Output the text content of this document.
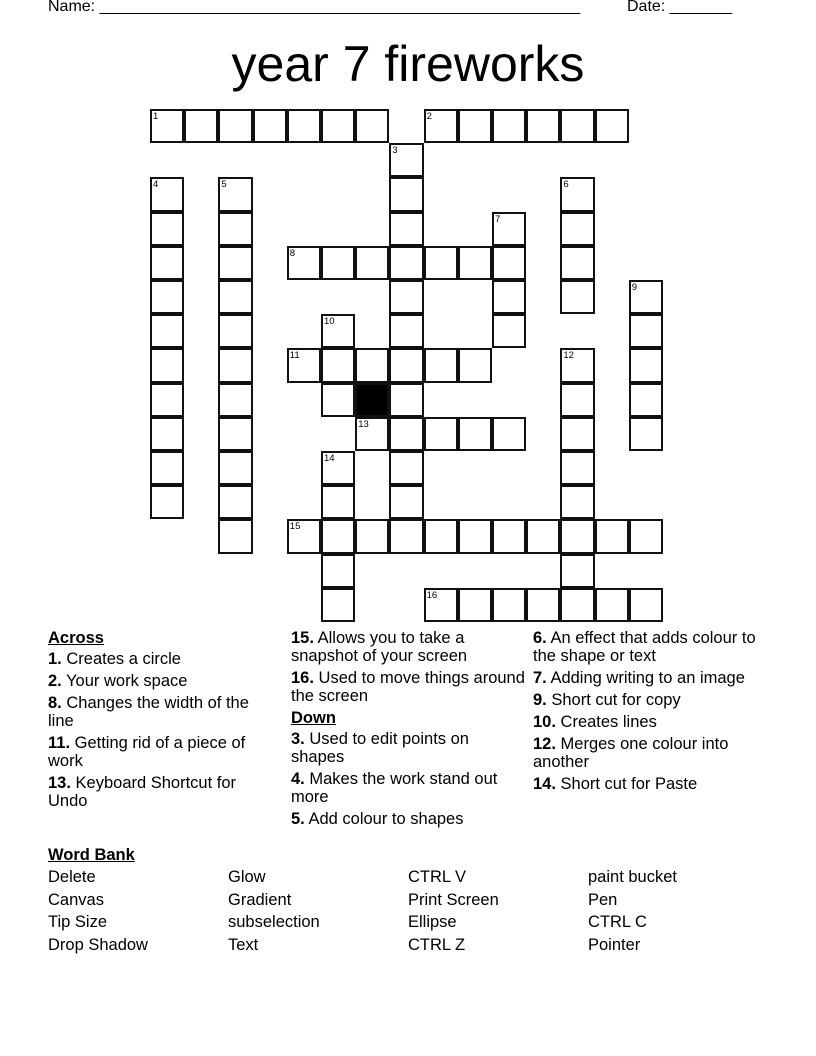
Name: ______________________________________________________	Date: _______
year 7 fireworks
1	2
8
11
13
15
16
3
4	5	6
7
9
10
12
14
Across
1. Creates a circle
2. Your work space
8. Changes the width of the line
11. Getting rid of a piece of work
13. Keyboard Shortcut for Undo
15. Allows you to take a snapshot of your screen
16. Used to move things around the screen
Down
3. Used to edit points on shapes
4. Makes the work stand out more
5. Add colour to shapes
6. An effect that adds colour to the shape or text
7. Adding writing to an image
9. Short cut for copy
10. Creates lines
12. Merges one colour into another
14. Short cut for Paste
Word Bank
Delete	Glow	CTRL V	paint bucket
Canvas	Gradient	Print Screen	Pen
Tip Size	subselection	Ellipse	CTRL C
Drop Shadow	Text	CTRL Z	Pointer
